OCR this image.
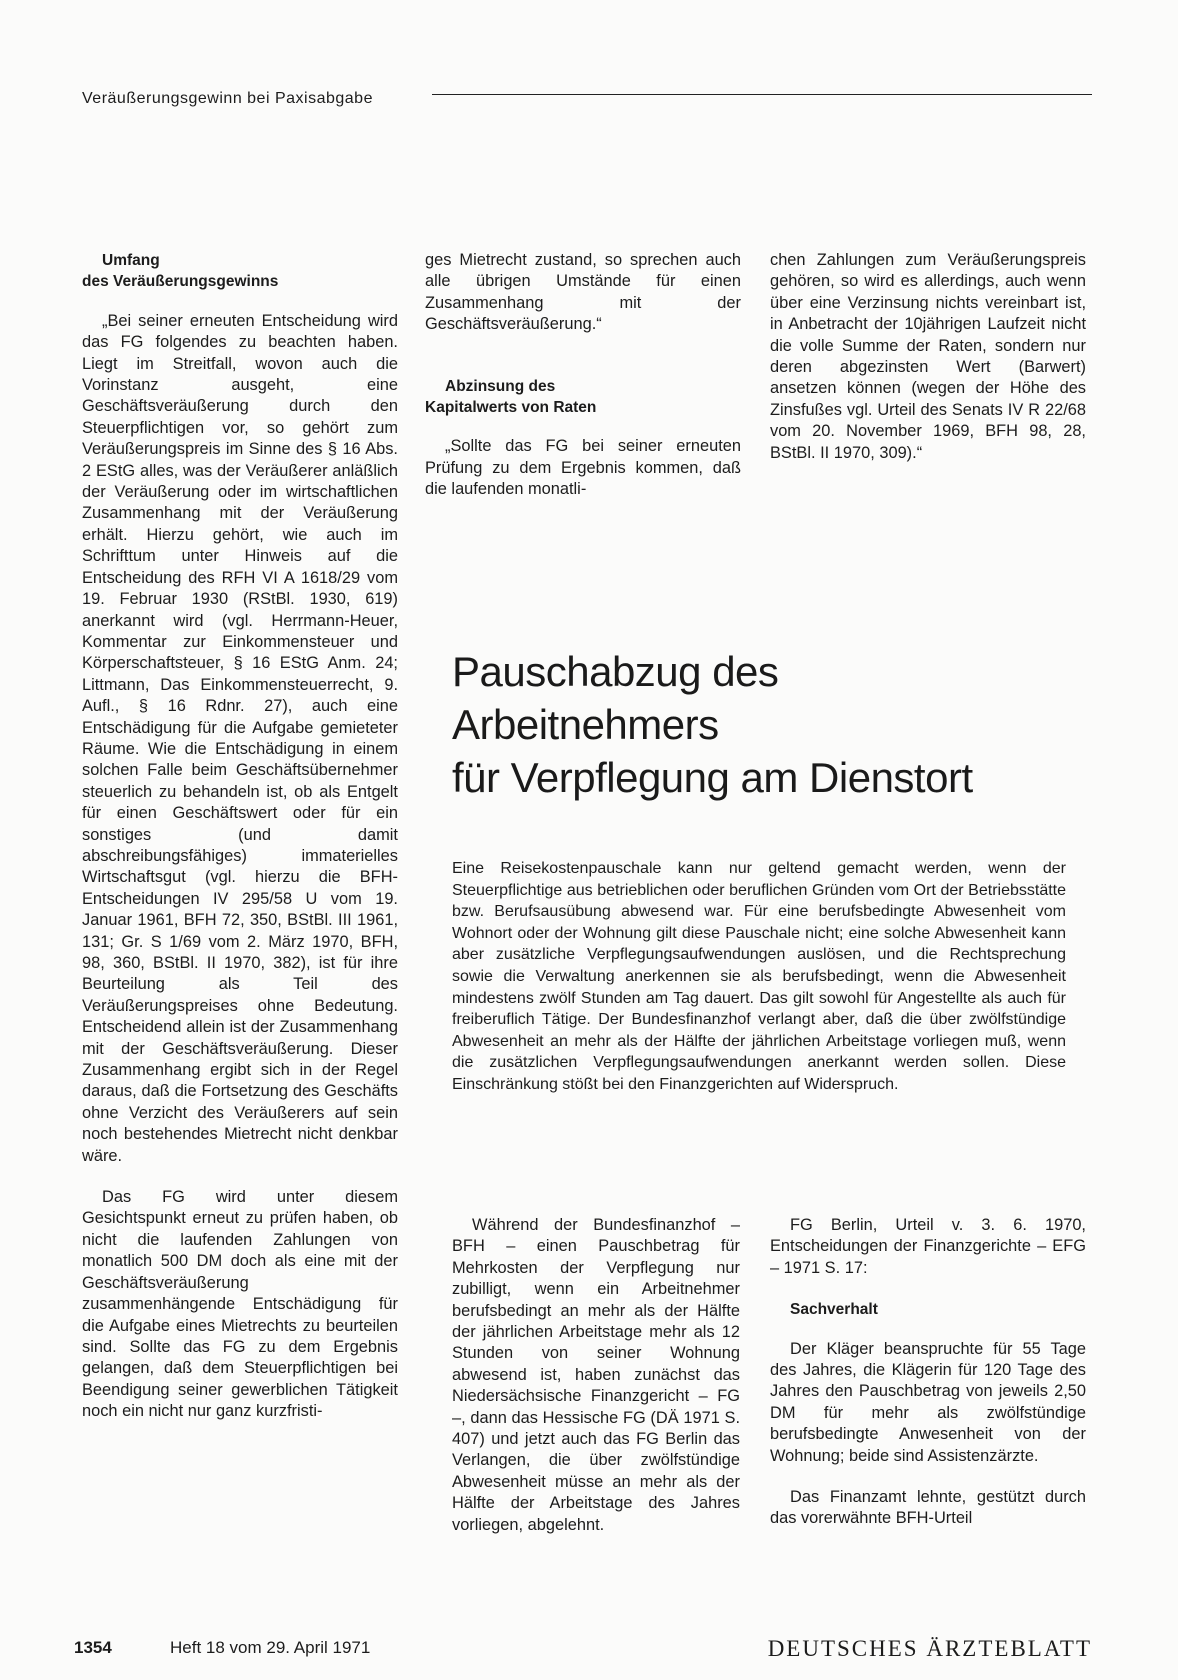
Veräußerungsgewinn bei Paxisabgabe
Umfang
des Veräußerungsgewinns

„Bei seiner erneuten Entscheidung wird das FG folgendes zu beachten haben. Liegt im Streitfall, wovon auch die Vorinstanz ausgeht, eine Geschäftsveräußerung durch den Steuerpflichtigen vor, so gehört zum Veräußerungspreis im Sinne des § 16 Abs. 2 EStG alles, was der Veräußerer anläßlich der Veräußerung oder im wirtschaftlichen Zusammenhang mit der Veräußerung erhält. Hierzu gehört, wie auch im Schrifttum unter Hinweis auf die Entscheidung des RFH VI A 1618/29 vom 19. Februar 1930 (RStBl. 1930, 619) anerkannt wird (vgl. Herrmann-Heuer, Kommentar zur Einkommensteuer und Körperschaftsteuer, § 16 EStG Anm. 24; Littmann, Das Einkommensteuerrecht, 9. Aufl., § 16 Rdnr. 27), auch eine Entschädigung für die Aufgabe gemieteter Räume. Wie die Entschädigung in einem solchen Falle beim Geschäftsübernehmer steuerlich zu behandeln ist, ob als Entgelt für einen Geschäftswert oder für ein sonstiges (und damit abschreibungsfähiges) immaterielles Wirtschaftsgut (vgl. hierzu die BFH-Entscheidungen IV 295/58 U vom 19. Januar 1961, BFH 72, 350, BStBl. III 1961, 131; Gr. S 1/69 vom 2. März 1970, BFH, 98, 360, BStBl. II 1970, 382), ist für ihre Beurteilung als Teil des Veräußerungspreises ohne Bedeutung. Entscheidend allein ist der Zusammenhang mit der Geschäftsveräußerung. Dieser Zusammenhang ergibt sich in der Regel daraus, daß die Fortsetzung des Geschäfts ohne Verzicht des Veräußerers auf sein noch bestehendes Mietrecht nicht denkbar wäre.

Das FG wird unter diesem Gesichtspunkt erneut zu prüfen haben, ob nicht die laufenden Zahlungen von monatlich 500 DM doch als eine mit der Geschäftsveräußerung zusammenhängende Entschädigung für die Aufgabe eines Mietrechts zu beurteilen sind. Sollte das FG zu dem Ergebnis gelangen, daß dem Steuerpflichtigen bei Beendigung seiner gewerblichen Tätigkeit noch ein nicht nur ganz kurzfristi-

ges Mietrecht zustand, so sprechen auch alle übrigen Umstände für einen Zusammenhang mit der Geschäftsveräußerung.“

Abzinsung des
Kapitalwerts von Raten

„Sollte das FG bei seiner erneuten Prüfung zu dem Ergebnis kommen, daß die laufenden monatli-

chen Zahlungen zum Veräußerungspreis gehören, so wird es allerdings, auch wenn über eine Verzinsung nichts vereinbart ist, in Anbetracht der 10jährigen Laufzeit nicht die volle Summe der Raten, sondern nur deren abgezinsten Wert (Barwert) ansetzen können (wegen der Höhe des Zinsfußes vgl. Urteil des Senats IV R 22/68 vom 20. November 1969, BFH 98, 28, BStBl. II 1970, 309).“

Pauschabzug des
Arbeitnehmers
für Verpflegung am Dienstort

Eine Reisekostenpauschale kann nur geltend gemacht werden, wenn der Steuerpflichtige aus betrieblichen oder beruflichen Gründen vom Ort der Betriebsstätte bzw. Berufsausübung abwesend war. Für eine berufsbedingte Abwesenheit vom Wohnort oder der Wohnung gilt diese Pauschale nicht; eine solche Abwesenheit kann aber zusätzliche Verpflegungsaufwendungen auslösen, und die Rechtsprechung sowie die Verwaltung anerkennen sie als berufsbedingt, wenn die Abwesenheit mindestens zwölf Stunden am Tag dauert. Das gilt sowohl für Angestellte als auch für freiberuflich Tätige. Der Bundesfinanzhof verlangt aber, daß die über zwölfstündige Abwesenheit an mehr als der Hälfte der jährlichen Arbeitstage vorliegen muß, wenn die zusätzlichen Verpflegungsaufwendungen anerkannt werden sollen. Diese Einschränkung stößt bei den Finanzgerichten auf Widerspruch.

Während der Bundesfinanzhof – BFH – einen Pauschbetrag für Mehrkosten der Verpflegung nur zubilligt, wenn ein Arbeitnehmer berufsbedingt an mehr als der Hälfte der jährlichen Arbeitstage mehr als 12 Stunden von seiner Wohnung abwesend ist, haben zunächst das Niedersächsische Finanzgericht – FG –, dann das Hessische FG (DÄ 1971 S. 407) und jetzt auch das FG Berlin das Verlangen, die über zwölfstündige Abwesenheit müsse an mehr als der Hälfte der Arbeitstage des Jahres vorliegen, abgelehnt.

FG Berlin, Urteil v. 3. 6. 1970, Entscheidungen der Finanzgerichte – EFG – 1971 S. 17:

Sachverhalt

Der Kläger beanspruchte für 55 Tage des Jahres, die Klägerin für 120 Tage des Jahres den Pauschbetrag von jeweils 2,50 DM für mehr als zwölfstündige berufsbedingte Anwesenheit von der Wohnung; beide sind Assistenzärzte.

Das Finanzamt lehnte, gestützt durch das vorerwähnte BFH-Urteil

1354	Heft 18 vom 29. April 1971	DEUTSCHES ÄRZTEBLATT
